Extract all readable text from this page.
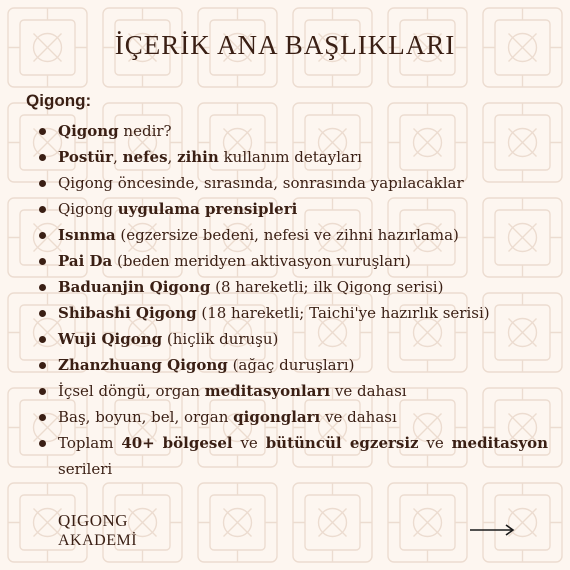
İÇERİK ANA BAŞLIKLARI
Qigong:
Qigong nedir?
Postür, nefes, zihin kullanım detayları
Qigong öncesinde, sırasında, sonrasında yapılacaklar
Qigong uygulama prensipleri
Isınma (egzersize bedeni, nefesi ve zihni hazırlama)
Pai Da (beden meridyen aktivasyon vuruşları)
Baduanjin Qigong (8 hareketli; ilk Qigong serisi)
Shibashi Qigong (18 hareketli; Taichi'ye hazırlık serisi)
Wuji Qigong (hiçlik duruşu)
Zhanzhuang Qigong (ağaç duruşları)
İçsel döngü, organ meditasyonları ve dahası
Baş, boyun, bel, organ qigongları ve dahası
Toplam 40+ bölgesel ve bütüncül egzersiz ve meditasyon serileri
QIGONG
AKADEMİ
